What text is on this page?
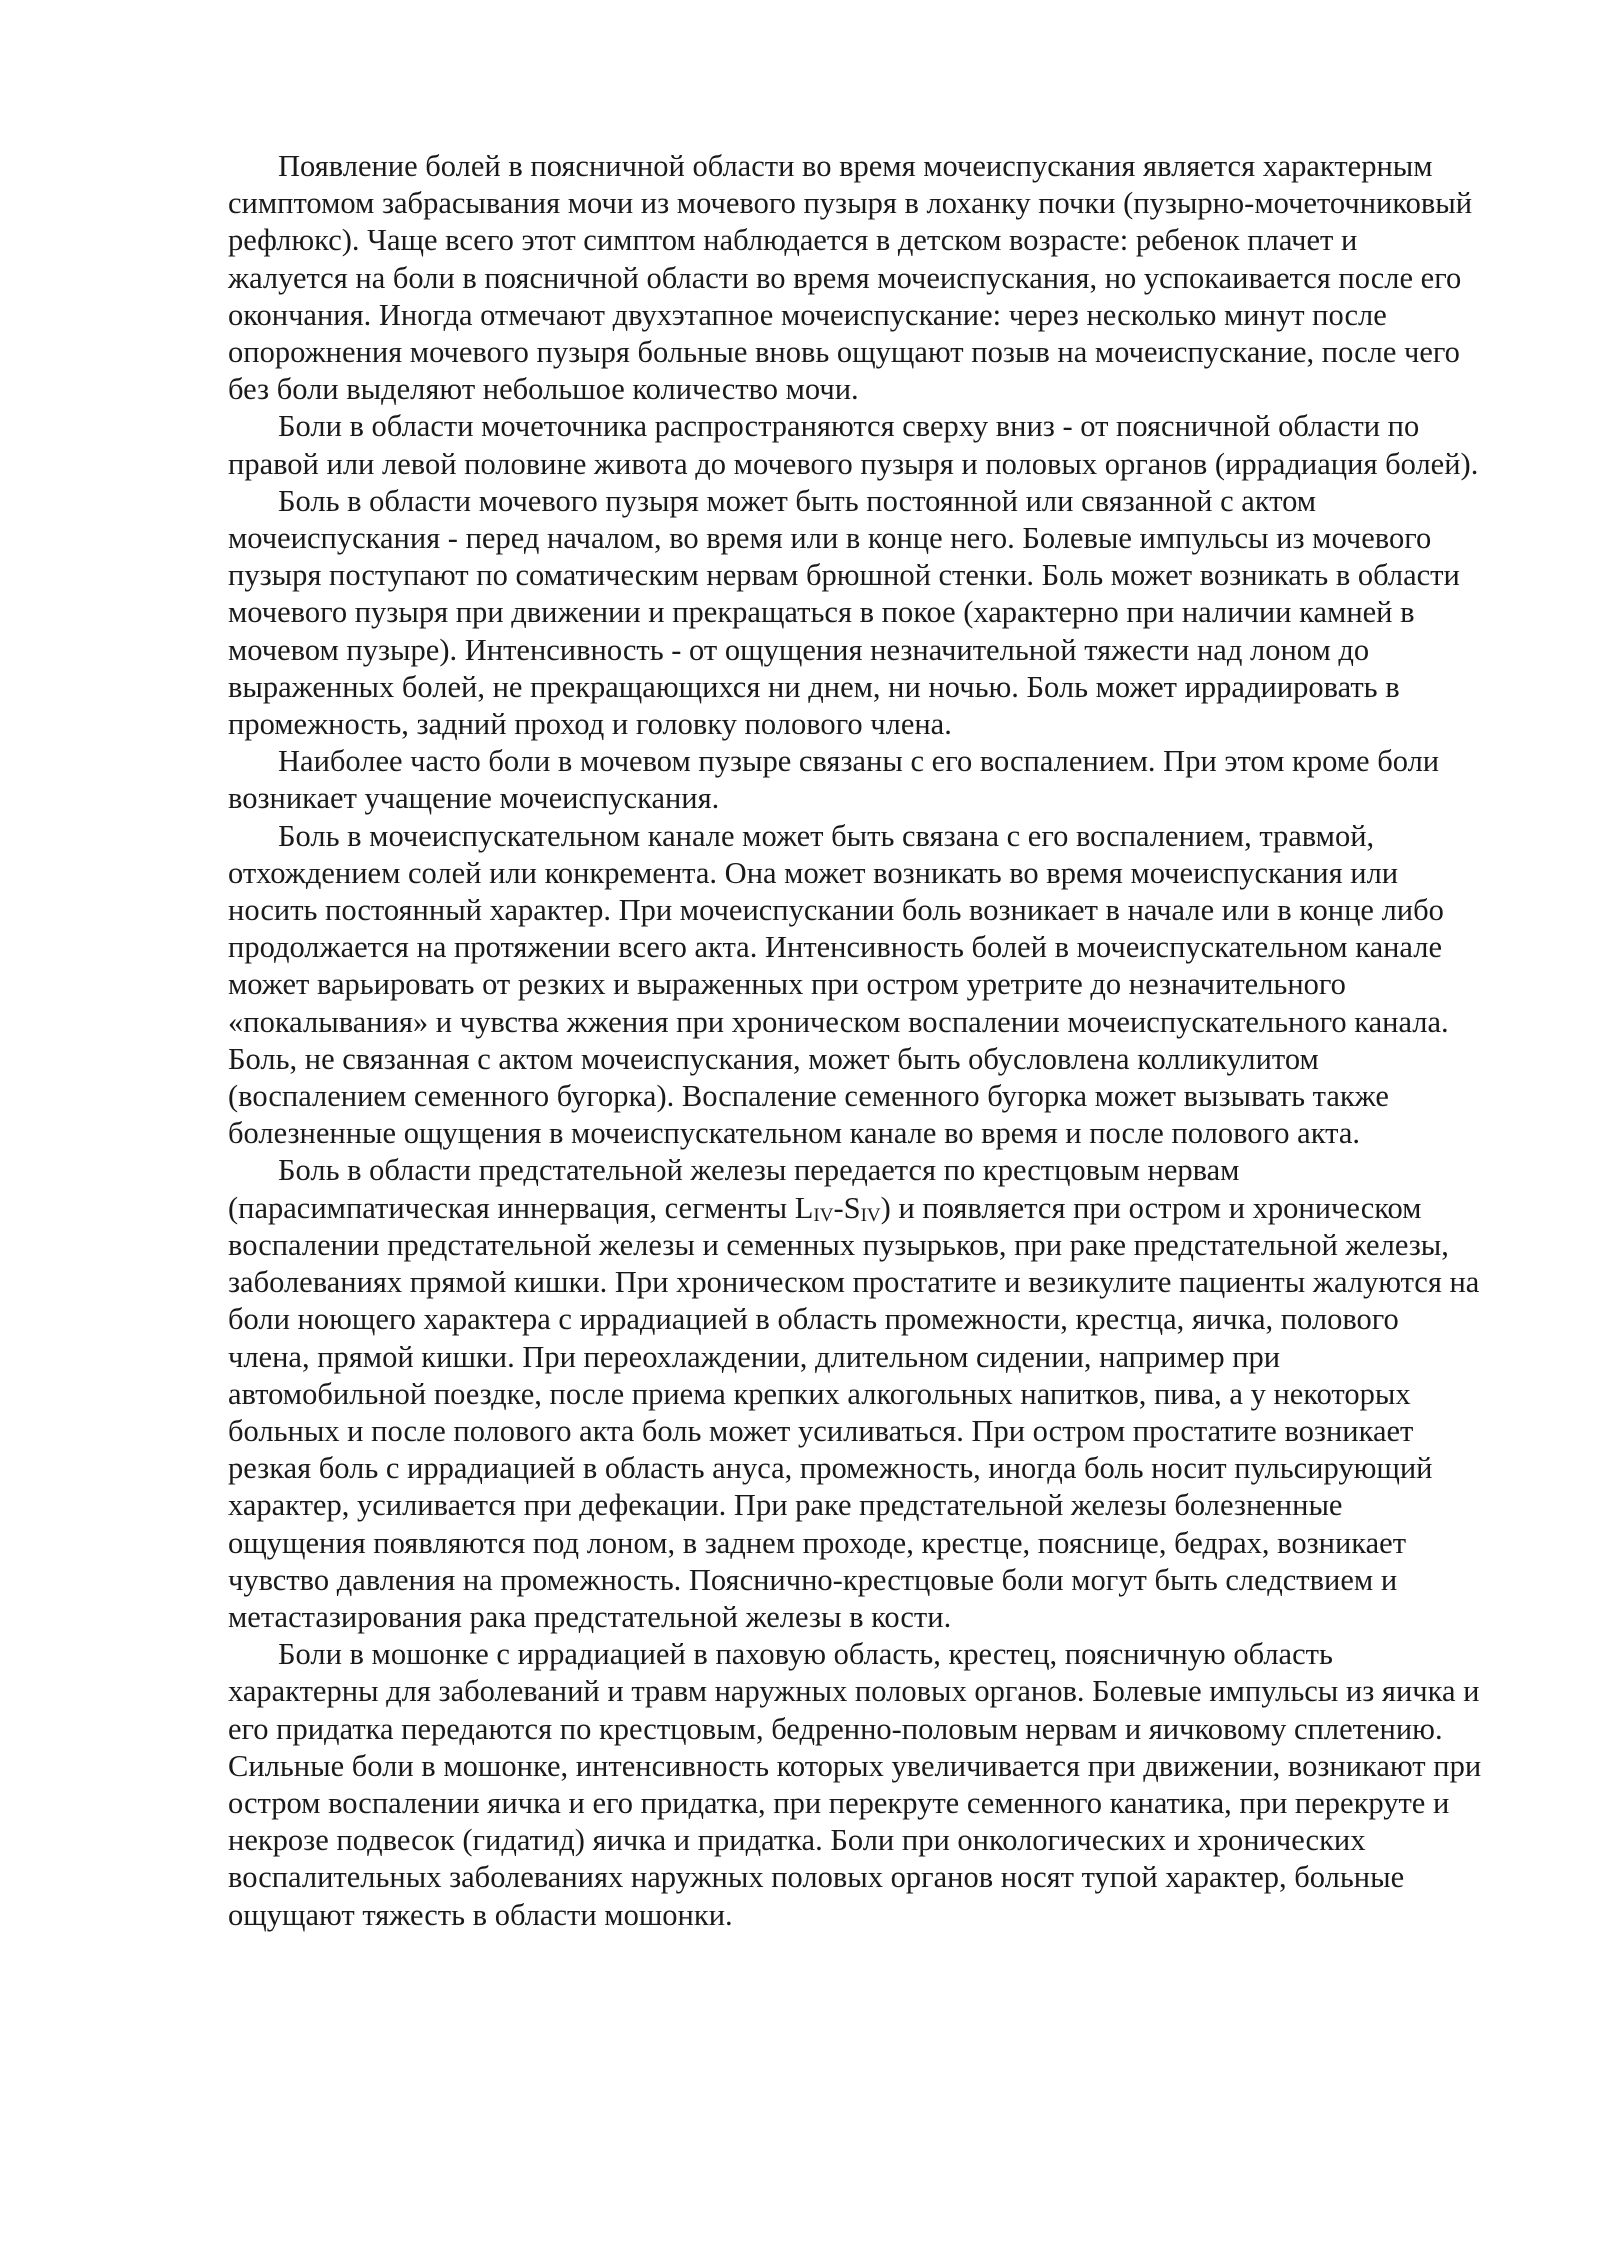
Появление болей в поясничной области во время мочеиспускания является характерным симптомом забрасывания мочи из мочевого пузыря в лоханку почки (пузырно-мочеточниковый рефлюкс). Чаще всего этот симптом наблюдается в детском возрасте: ребенок плачет и жалуется на боли в поясничной области во время мочеиспускания, но успокаивается после его окончания. Иногда отмечают двухэтапное мочеиспускание: через несколько минут после опорожнения мочевого пузыря больные вновь ощущают позыв на мочеиспускание, после чего без боли выделяют небольшое количество мочи.

Боли в области мочеточника распространяются сверху вниз - от поясничной области по правой или левой половине живота до мочевого пузыря и половых органов (иррадиация болей).

Боль в области мочевого пузыря может быть постоянной или связанной с актом мочеиспускания - перед началом, во время или в конце него. Болевые импульсы из мочевого пузыря поступают по соматическим нервам брюшной стенки. Боль может возникать в области мочевого пузыря при движении и прекращаться в покое (характерно при наличии камней в мочевом пузыре). Интенсивность - от ощущения незначительной тяжести над лоном до выраженных болей, не прекращающихся ни днем, ни ночью. Боль может иррадиировать в промежность, задний проход и головку полового члена.

Наиболее часто боли в мочевом пузыре связаны с его воспалением. При этом кроме боли возникает учащение мочеиспускания.

Боль в мочеиспускательном канале может быть связана с его воспалением, травмой, отхождением солей или конкремента. Она может возникать во время мочеиспускания или носить постоянный характер. При мочеиспускании боль возникает в начале или в конце либо продолжается на протяжении всего акта. Интенсивность болей в мочеиспускательном канале может варьировать от резких и выраженных при остром уретрите до незначительного «покалывания» и чувства жжения при хроническом воспалении мочеиспускательного канала. Боль, не связанная с актом мочеиспускания, может быть обусловлена колликулитом (воспалением семенного бугорка). Воспаление семенного бугорка может вызывать также болезненные ощущения в мочеиспускательном канале во время и после полового акта.

Боль в области предстательной железы передается по крестцовым нервам (парасимпатическая иннервация, сегменты $L_{IV}-S_{IV}$) и появляется при остром и хроническом воспалении предстательной железы и семенных пузырьков, при раке предстательной железы, заболеваниях прямой кишки. При хроническом простатите и везикулите пациенты жалуются на боли ноющего характера с иррадиацией в область промежности, крестца, яичка, полового члена, прямой кишки. При переохлаждении, длительном сидении, например при автомобильной поездке, после приема крепких алкогольных напитков, пива, а у некоторых больных и после полового акта боль может усиливаться. При остром простатите возникает резкая боль с иррадиацией в область ануса, промежность, иногда боль носит пульсирующий характер, усиливается при дефекации. При раке предстательной железы болезненные ощущения появляются под лоном, в заднем проходе, крестце, пояснице, бедрах, возникает чувство давления на промежность. Пояснично-крестцовые боли могут быть следствием и метастазирования рака предстательной железы в кости.

Боли в мошонке с иррадиацией в паховую область, крестец, поясничную область характерны для заболеваний и травм наружных половых органов. Болевые импульсы из яичка и его придатка передаются по крестцовым, бедренно-половым нервам и яичковому сплетению. Сильные боли в мошонке, интенсивность которых увеличивается при движении, возникают при остром воспалении яичка и его придатка, при перекруте семенного канатика, при перекруте и некрозе подвесок (гидатид) яичка и придатка. Боли при онкологических и хронических воспалительных заболеваниях наружных половых органов носят тупой характер, больные ощущают тяжесть в области мошонки.
